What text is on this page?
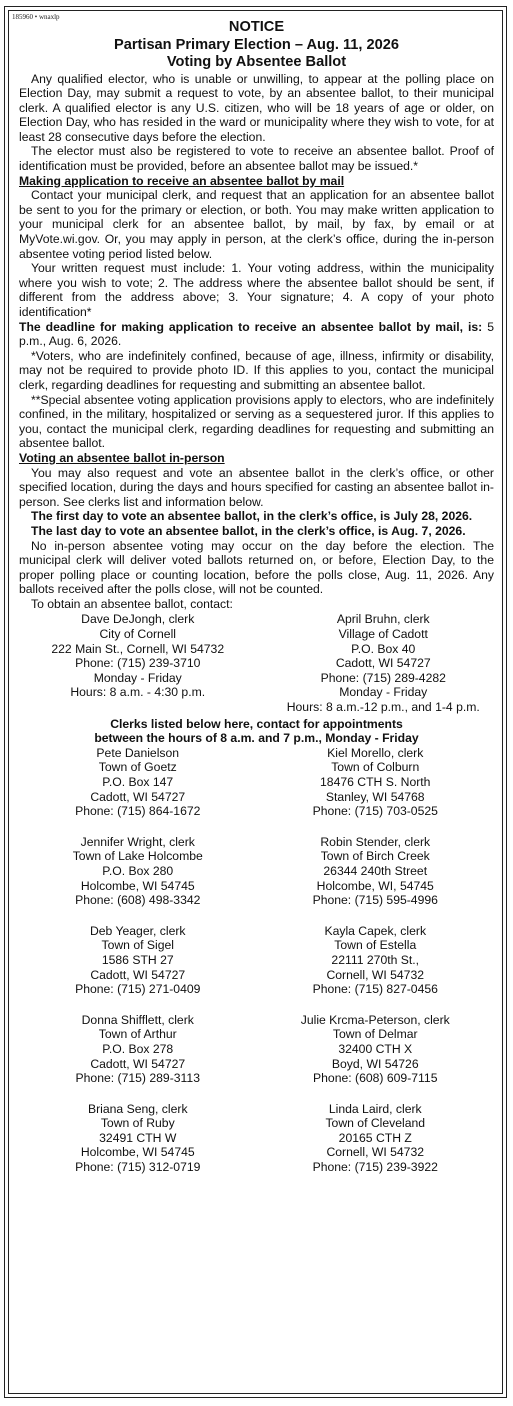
185960 • wnaxlp
NOTICE
Partisan Primary Election – Aug. 11, 2026
Voting by Absentee Ballot

Any qualified elector, who is unable or unwilling, to appear at the polling place on Election Day, may submit a request to vote, by an absentee ballot, to their municipal clerk. A qualified elector is any U.S. citizen, who will be 18 years of age or older, on Election Day, who has resided in the ward or municipality where they wish to vote, for at least 28 consecutive days before the election.

The elector must also be registered to vote to receive an absentee ballot. Proof of identification must be provided, before an absentee ballot may be issued.*

Making application to receive an absentee ballot by mail

Contact your municipal clerk, and request that an application for an absentee ballot be sent to you for the primary or election, or both. You may make written application to your municipal clerk for an absentee ballot, by mail, by fax, by email or at MyVote.wi.gov. Or, you may apply in person, at the clerk’s office, during the in-person absentee voting period listed below.

Your written request must include: 1. Your voting address, within the municipality where you wish to vote; 2. The address where the absentee ballot should be sent, if different from the address above; 3. Your signature; 4. A copy of your photo identification*

The deadline for making application to receive an absentee ballot by mail, is: 5 p.m., Aug. 6, 2026.

*Voters, who are indefinitely confined, because of age, illness, infirmity or disability, may not be required to provide photo ID. If this applies to you, contact the municipal clerk, regarding deadlines for requesting and submitting an absentee ballot.

**Special absentee voting application provisions apply to electors, who are indefinitely confined, in the military, hospitalized or serving as a sequestered juror. If this applies to you, contact the municipal clerk, regarding deadlines for requesting and submitting an absentee ballot.

Voting an absentee ballot in-person

You may also request and vote an absentee ballot in the clerk’s office, or other specified location, during the days and hours specified for casting an absentee ballot in-person. See clerks list and information below.

The first day to vote an absentee ballot, in the clerk’s office, is July 28, 2026.

The last day to vote an absentee ballot, in the clerk’s office, is Aug. 7, 2026.

No in-person absentee voting may occur on the day before the election. The municipal clerk will deliver voted ballots returned on, or before, Election Day, to the proper polling place or counting location, before the polls close, Aug. 11, 2026. Any ballots received after the polls close, will not be counted.

To obtain an absentee ballot, contact:

Dave DeJongh, clerk
City of Cornell
222 Main St., Cornell, WI 54732
Phone: (715) 239-3710
Monday - Friday
Hours: 8 a.m. - 4:30 p.m.
April Bruhn, clerk
Village of Cadott
P.O. Box 40
Cadott, WI 54727
Phone: (715) 289-4282
Monday - Friday
Hours: 8 a.m.-12 p.m., and 1-4 p.m.
Clerks listed below here, contact for appointments
between the hours of 8 a.m. and 7 p.m., Monday - Friday
Pete Danielson
Town of Goetz
P.O. Box 147
Cadott, WI 54727
Phone: (715) 864-1672
Kiel Morello, clerk
Town of Colburn
18476 CTH S. North
Stanley, WI 54768
Phone: (715) 703-0525
Jennifer Wright, clerk
Town of Lake Holcombe
P.O. Box 280
Holcombe, WI 54745
Phone: (608) 498-3342
Robin Stender, clerk
Town of Birch Creek
26344 240th Street
Holcombe, WI, 54745
Phone: (715) 595-4996
Deb Yeager, clerk
Town of Sigel
1586 STH 27
Cadott, WI 54727
Phone: (715) 271-0409
Kayla Capek, clerk
Town of Estella
22111 270th St.,
Cornell, WI 54732
Phone: (715) 827-0456
Donna Shifflett, clerk
Town of Arthur
P.O. Box 278
Cadott, WI 54727
Phone: (715) 289-3113
Julie Krcma-Peterson, clerk
Town of Delmar
32400 CTH X
Boyd, WI 54726
Phone: (608) 609-7115
Briana Seng, clerk
Town of Ruby
32491 CTH W
Holcombe, WI 54745
Phone: (715) 312-0719
Linda Laird, clerk
Town of Cleveland
20165 CTH Z
Cornell, WI 54732
Phone: (715) 239-3922
